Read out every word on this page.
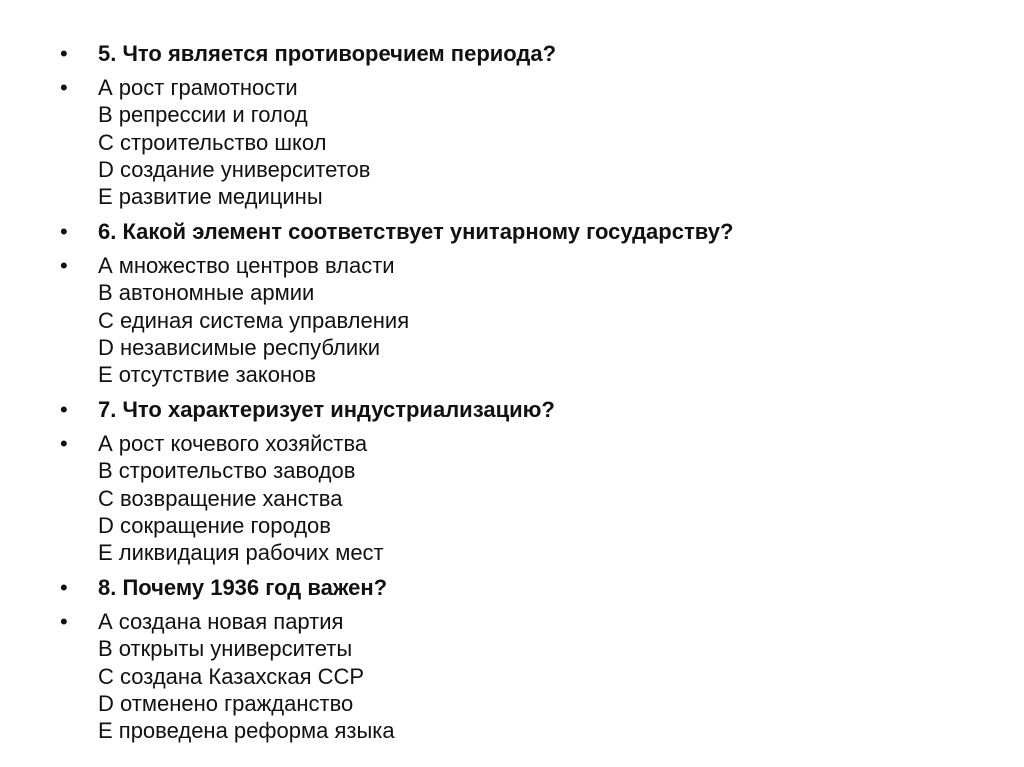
• 5. Что является противоречием периода?
• А рост грамотности
В репрессии и голод
С строительство школ
D создание университетов
Е развитие медицины
• 6. Какой элемент соответствует унитарному государству?
• А множество центров власти
В автономные армии
С единая система управления
D независимые республики
Е отсутствие законов
• 7. Что характеризует индустриализацию?
• А рост кочевого хозяйства
В строительство заводов
С возвращение ханства
D сокращение городов
Е ликвидация рабочих мест
• 8. Почему 1936 год важен?
• А создана новая партия
В открыты университеты
С создана Казахская ССР
D отменено гражданство
Е проведена реформа языка
